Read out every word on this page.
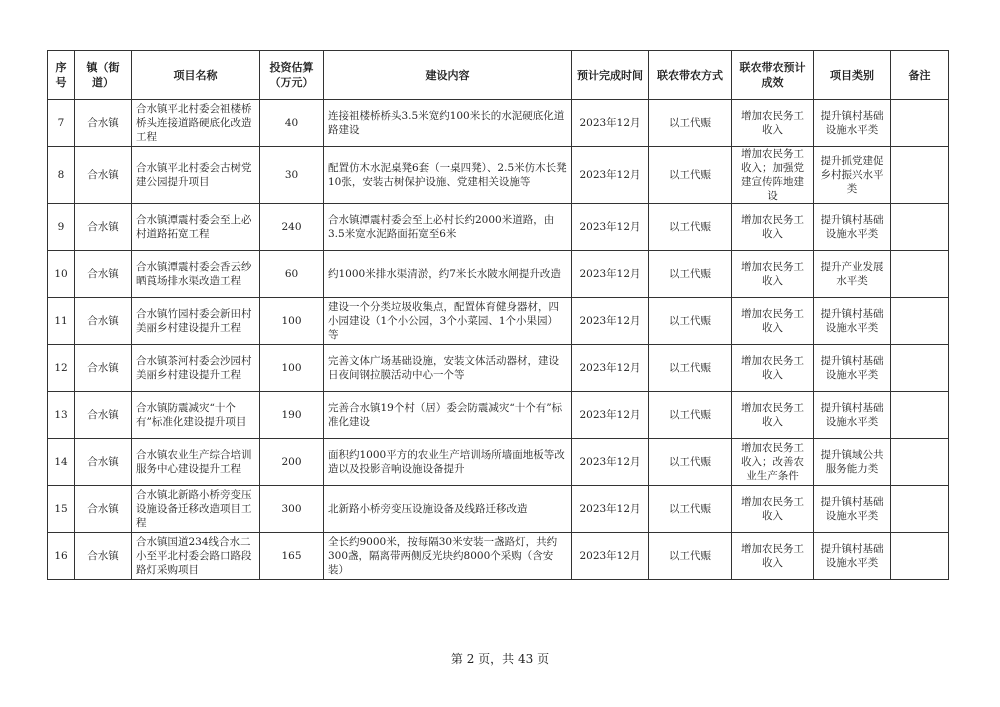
序号	镇（街道）	项目名称	投资估算（万元）	建设内容	预计完成时间	联农带农方式	联农带农预计成效	项目类别	备注
7	合水镇	合水镇平北村委会祖楼桥桥头连接道路硬底化改造工程	40	连接祖楼桥桥头3.5米宽约100米长的水泥硬底化道路建设	2023年12月	以工代赈	增加农民务工收入	提升镇村基础设施水平类	
8	合水镇	合水镇平北村委会古树党建公园提升项目	30	配置仿木水泥桌凳6套（一桌四凳）、2.5米仿木长凳10张，安装古树保护设施、党建相关设施等	2023年12月	以工代赈	增加农民务工收入；加强党建宣传阵地建设	提升抓党建促乡村振兴水平类	
9	合水镇	合水镇潭震村委会至上必村道路拓宽工程	240	合水镇潭震村委会至上必村长约2000米道路，由3.5米宽水泥路面拓宽至6米	2023年12月	以工代赈	增加农民务工收入	提升镇村基础设施水平类	
10	合水镇	合水镇潭震村委会香云纱晒莨场排水渠改造工程	60	约1000米排水渠清淤，约7米长水陂水闸提升改造	2023年12月	以工代赈	增加农民务工收入	提升产业发展水平类	
11	合水镇	合水镇竹园村委会新田村美丽乡村建设提升工程	100	建设一个分类垃圾收集点，配置体育健身器材，四小园建设（1个小公园，3个小菜园、1个小果园）等	2023年12月	以工代赈	增加农民务工收入	提升镇村基础设施水平类	
12	合水镇	合水镇茶河村委会沙园村美丽乡村建设提升工程	100	完善文体广场基础设施，安装文体活动器材，建设日夜间钢拉膜活动中心一个等	2023年12月	以工代赈	增加农民务工收入	提升镇村基础设施水平类	
13	合水镇	合水镇防震减灾“十个有”标准化建设提升项目	190	完善合水镇19个村（居）委会防震减灾“十个有”标准化建设	2023年12月	以工代赈	增加农民务工收入	提升镇村基础设施水平类	
14	合水镇	合水镇农业生产综合培训服务中心建设提升工程	200	面积约1000平方的农业生产培训场所墙面地板等改造以及投影音响设施设备提升	2023年12月	以工代赈	增加农民务工收入；改善农业生产条件	提升镇域公共服务能力类	
15	合水镇	合水镇北新路小桥旁变压设施设备迁移改造项目工程	300	北新路小桥旁变压设施设备及线路迁移改造	2023年12月	以工代赈	增加农民务工收入	提升镇村基础设施水平类	
16	合水镇	合水镇国道234线合水二小至平北村委会路口路段路灯采购项目	165	全长约9000米，按每隔30米安装一盏路灯，共约300盏，隔离带两侧反光块约8000个采购（含安装）	2023年12月	以工代赈	增加农民务工收入	提升镇村基础设施水平类	
第 2 页，共 43 页
